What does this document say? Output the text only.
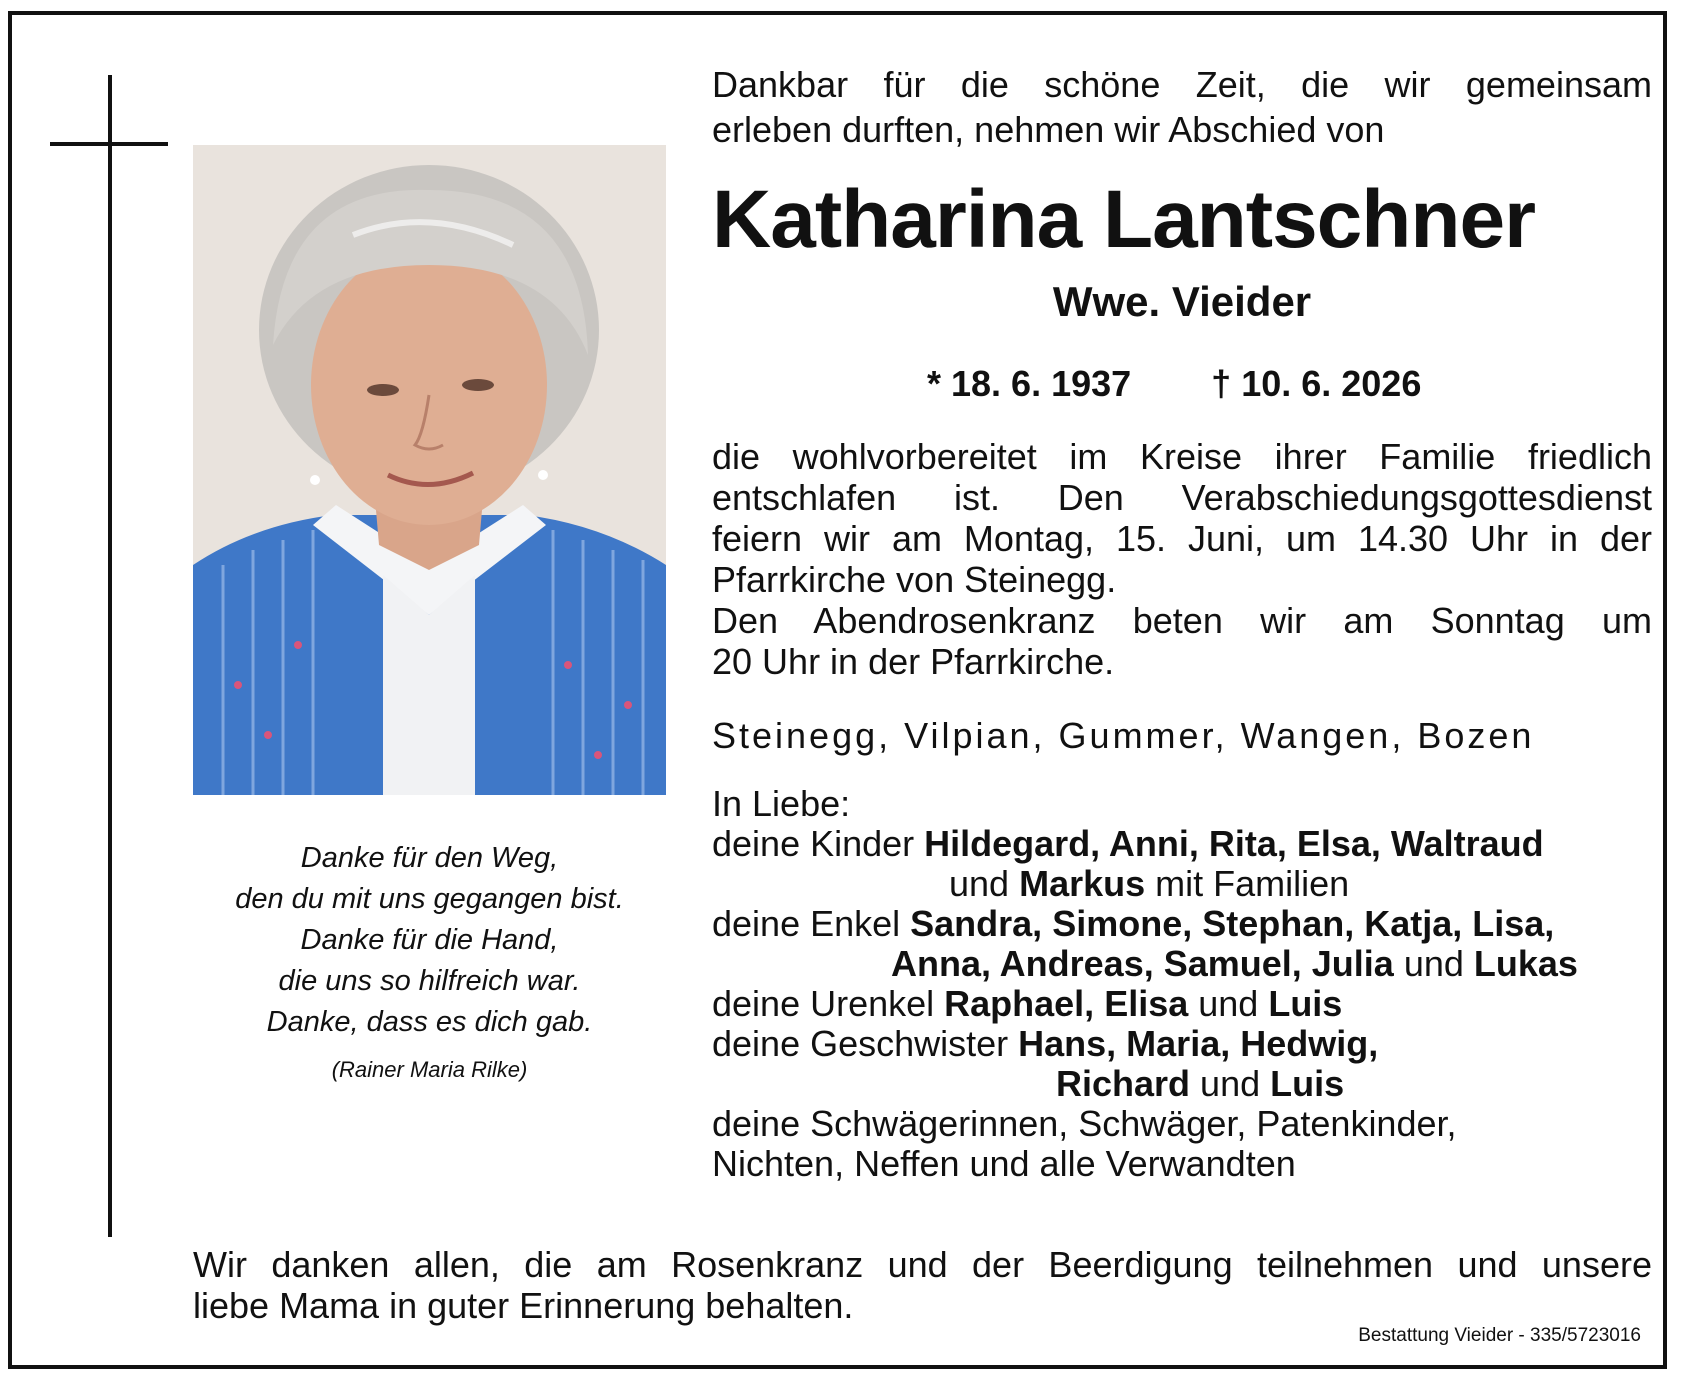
Danke für den Weg,
den du mit uns gegangen bist.
Danke für die Hand,
die uns so hilfreich war.
Danke, dass es dich gab.
(Rainer Maria Rilke)
Dankbar für die schöne Zeit, die wir gemeinsam
erleben durften, nehmen wir Abschied von
Katharina Lantschner
Wwe. Vieider
* 18. 6. 1937 † 10. 6. 2026
die wohlvorbereitet im Kreise ihrer Familie friedlich
entschlafen ist. Den Verabschiedungsgottesdienst
feiern wir am Montag, 15. Juni, um 14.30 Uhr in der
Pfarrkirche von Steinegg.
Den Abendrosenkranz beten wir am Sonntag um
20 Uhr in der Pfarrkirche.
Steinegg, Vilpian, Gummer, Wangen, Bozen
In Liebe:
deine Kinder Hildegard, Anni, Rita, Elsa, Waltraud
und Markus mit Familien
deine Enkel Sandra, Simone, Stephan, Katja, Lisa,
Anna, Andreas, Samuel, Julia und Lukas
deine Urenkel Raphael, Elisa und Luis
deine Geschwister Hans, Maria, Hedwig,
Richard und Luis
deine Schwägerinnen, Schwäger, Patenkinder,
Nichten, Neffen und alle Verwandten
Wir danken allen, die am Rosenkranz und der Beerdigung teilnehmen und unsere
liebe Mama in guter Erinnerung behalten.
Bestattung Vieider - 335/5723016
